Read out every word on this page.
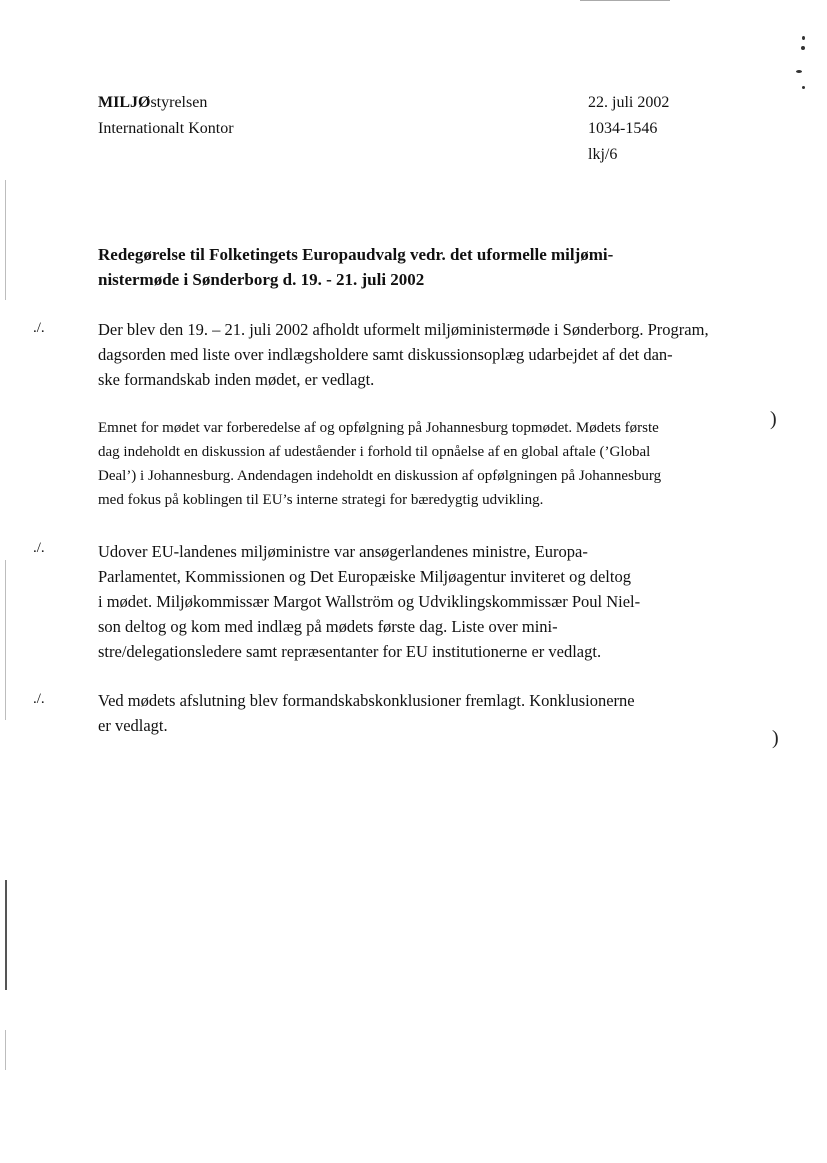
MILJØstyrelsen
Internationalt Kontor
22. juli 2002
1034-1546
lkj/6
Redegørelse til Folketingets Europaudvalg vedr. det uformelle miljømi-
nistermøde i Sønderborg d. 19. - 21. juli 2002
./.
./.
./.
Der blev den 19. – 21. juli 2002 afholdt uformelt miljøministermøde i Sønderborg. Program,
dagsorden med liste over indlægsholdere samt diskussionsoplæg udarbejdet af det dan-
ske formandskab inden mødet, er vedlagt.
Emnet for mødet var forberedelse af og opfølgning på Johannesburg topmødet. Mødets første
dag indeholdt en diskussion af udeståender i forhold til opnåelse af en global aftale (’Global
Deal’) i Johannesburg. Andendagen indeholdt en diskussion af opfølgningen på Johannesburg
med fokus på koblingen til EU’s interne strategi for bæredygtig udvikling.
Udover EU-landenes miljøministre var ansøgerlandenes ministre, Europa-
Parlamentet, Kommissionen og Det Europæiske Miljøagentur inviteret og deltog
i mødet. Miljøkommissær Margot Wallström og Udviklingskommissær Poul Niel-
son deltog og kom med indlæg på mødets første dag. Liste over mini-
stre/delegationsledere samt repræsentanter for EU institutionerne er vedlagt.
Ved mødets afslutning blev formandskabskonklusioner fremlagt. Konklusionerne
er vedlagt.
)
)
